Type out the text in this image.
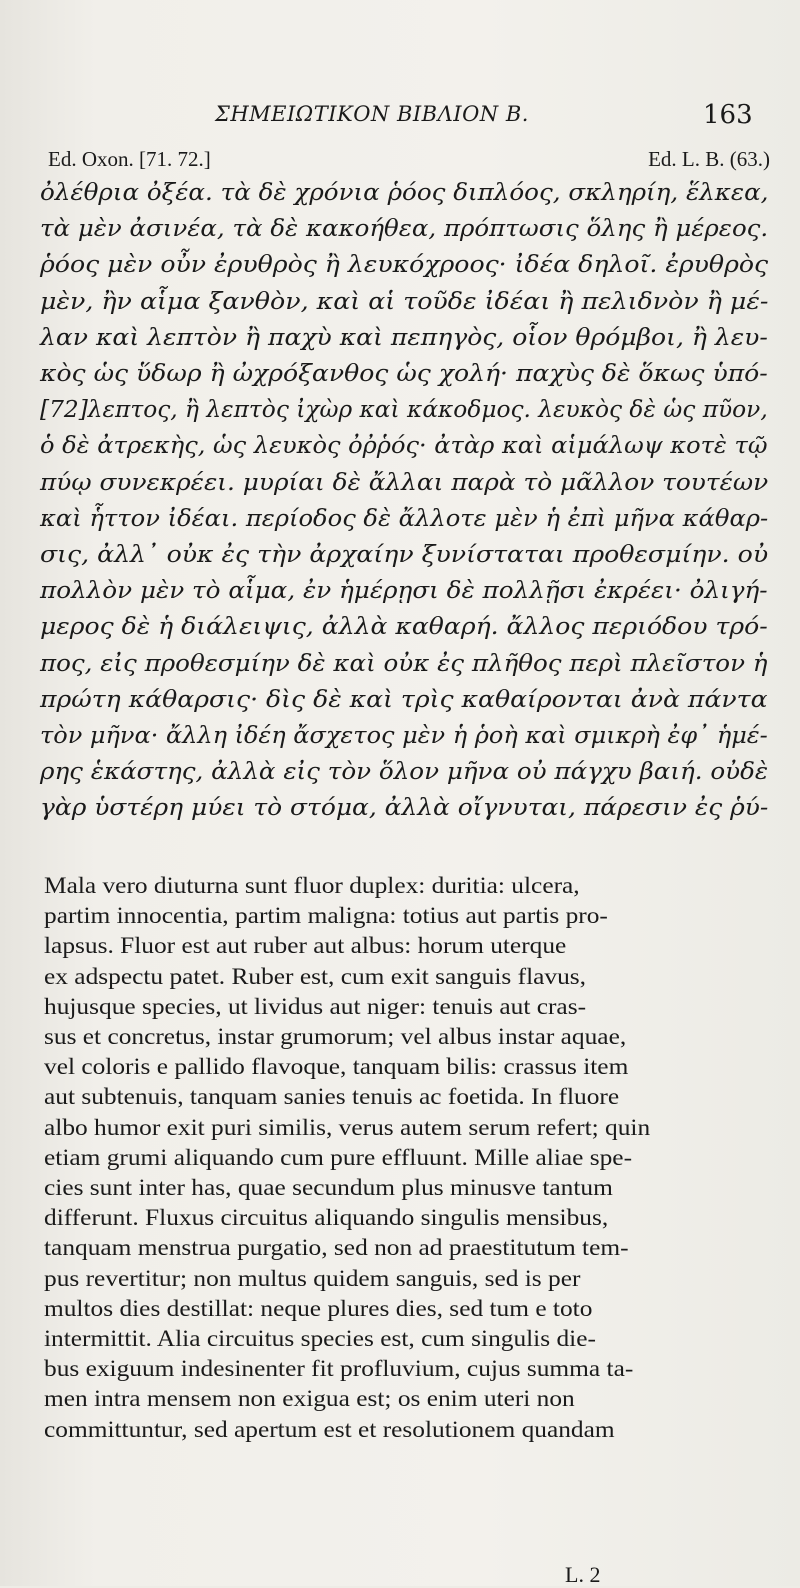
ΣΗΜΕΙΩΤΙΚΟΝ ΒΙΒΛΙΟΝ Β.	163
Ed. Oxon. [71. 72.]	Ed. L. B. (63.)
ὀλέθρια ὀξέα. τὰ δὲ χρόνια ῥόος διπλόος, σκληρίη, ἕλκεα,
τὰ μὲν ἀσινέα, τὰ δὲ κακοήθεα, πρόπτωσις ὅλης ἢ μέρεος.
ῥόος μὲν οὖν ἐρυθρὸς ἢ λευκόχροος· ἰδέα δηλοῖ. ἐρυθρὸς
μὲν, ἢν αἷμα ξανθὸν, καὶ αἱ τοῦδε ἰδέαι ἢ πελιδνὸν ἢ μέ-
λαν καὶ λεπτὸν ἢ παχὺ καὶ πεπηγὸς, οἷον θρόμβοι, ἢ λευ-
κὸς ὡς ὕδωρ ἢ ὠχρόξανθος ὡς χολή· παχὺς δὲ ὅκως ὑπό-
[72]λεπτος, ἢ λεπτὸς ἰχὼρ καὶ κάκοδμος. λευκὸς δὲ ὡς πῦον,
ὁ δὲ ἀτρεκὴς, ὡς λευκὸς ὀῤῥός· ἀτὰρ καὶ αἱμάλωψ κοτὲ τῷ
πύῳ συνεκρέει. μυρίαι δὲ ἄλλαι παρὰ τὸ μᾶλλον τουτέων
καὶ ἧττον ἰδέαι. περίοδος δὲ ἄλλοτε μὲν ἡ ἐπὶ μῆνα κάθαρ-
σις, ἀλλ᾽ οὐκ ἐς τὴν ἀρχαίην ξυνίσταται προθεσμίην. οὐ
πολλὸν μὲν τὸ αἷμα, ἐν ἡμέρῃσι δὲ πολλῇσι ἐκρέει· ὀλιγή-
μερος δὲ ἡ διάλειψις, ἀλλὰ καθαρή. ἄλλος περιόδου τρό-
πος, εἰς προθεσμίην δὲ καὶ οὐκ ἐς πλῆθος περὶ πλεῖστον ἡ
πρώτη κάθαρσις· δὶς δὲ καὶ τρὶς καθαίρονται ἀνὰ πάντα
τὸν μῆνα· ἄλλη ἰδέη ἄσχετος μὲν ἡ ῥοὴ καὶ σμικρὴ ἐφ᾽ ἡμέ-
ρης ἑκάστης, ἀλλὰ εἰς τὸν ὅλον μῆνα οὐ πάγχυ βαιή. οὐδὲ
γὰρ ὑστέρη μύει τὸ στόμα, ἀλλὰ οἴγνυται, πάρεσιν ἐς ῥύ-
Mala vero diuturna sunt fluor duplex: duritia: ulcera,
partim innocentia, partim maligna: totius aut partis pro-
lapsus. Fluor est aut ruber aut albus: horum uterque
ex adspectu patet. Ruber est, cum exit sanguis flavus,
hujusque species, ut lividus aut niger: tenuis aut cras-
sus et concretus, instar grumorum; vel albus instar aquae,
vel coloris e pallido flavoque, tanquam bilis: crassus item
aut subtenuis, tanquam sanies tenuis ac foetida. In fluore
albo humor exit puri similis, verus autem serum refert; quin
etiam grumi aliquando cum pure effluunt. Mille aliae spe-
cies sunt inter has, quae secundum plus minusve tantum
differunt. Fluxus circuitus aliquando singulis mensibus,
tanquam menstrua purgatio, sed non ad praestitutum tem-
pus revertitur; non multus quidem sanguis, sed is per
multos dies destillat: neque plures dies, sed tum e toto
intermittit. Alia circuitus species est, cum singulis die-
bus exiguum indesinenter fit profluvium, cujus summa ta-
men intra mensem non exigua est; os enim uteri non
committuntur, sed apertum est et resolutionem quandam
L. 2
